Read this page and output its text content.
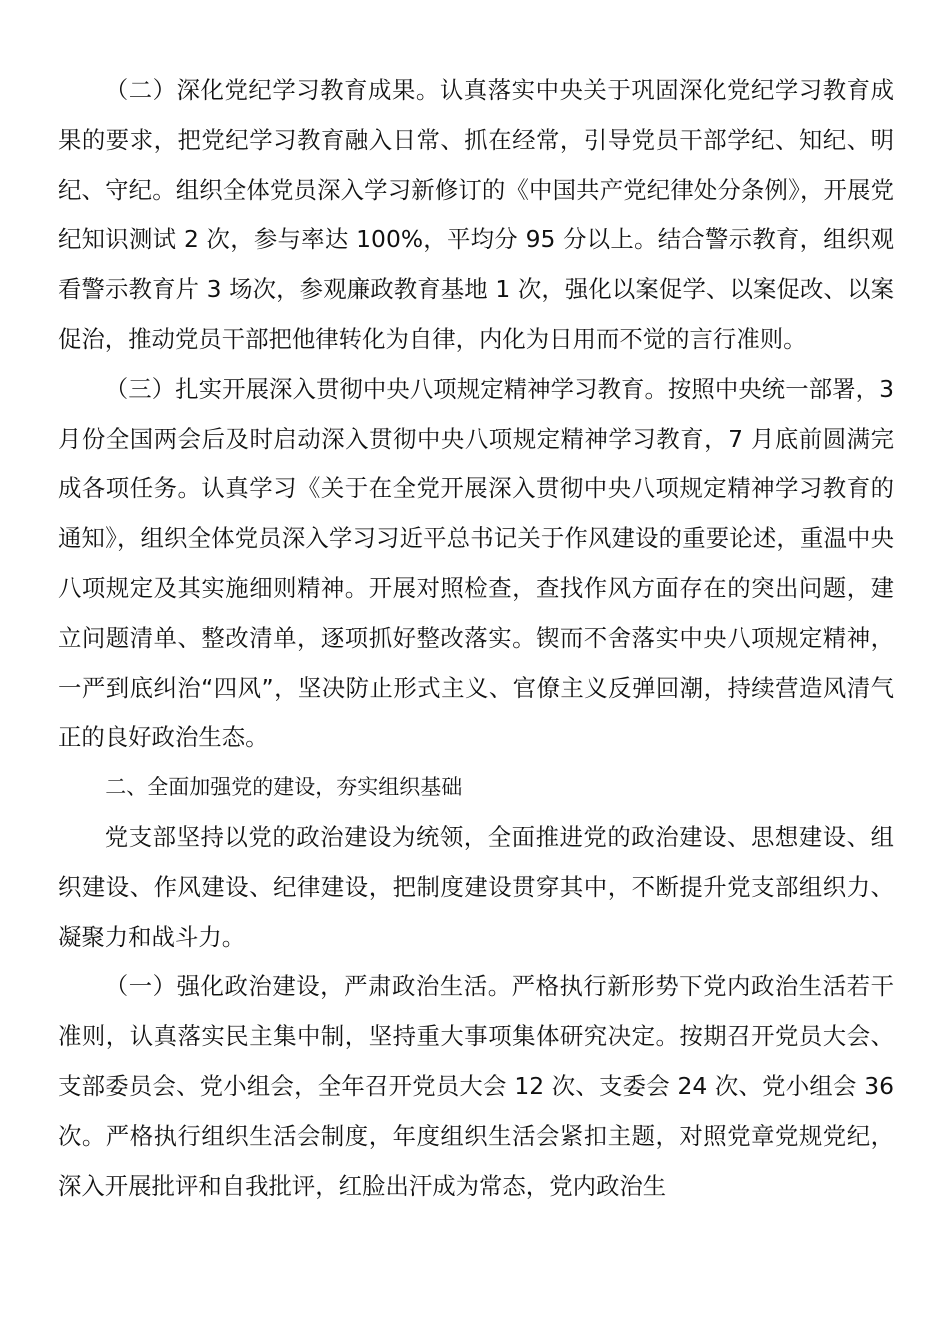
（二）深化党纪学习教育成果。认真落实中央关于巩固深化党纪学习教育成果的要求，把党纪学习教育融入日常、抓在经常，引导党员干部学纪、知纪、明纪、守纪。组织全体党员深入学习新修订的《中国共产党纪律处分条例》，开展党纪知识测试 2 次，参与率达 100%，平均分 95 分以上。结合警示教育，组织观看警示教育片 3 场次，参观廉政教育基地 1 次，强化以案促学、以案促改、以案促治，推动党员干部把他律转化为自律，内化为日用而不觉的言行准则。

（三）扎实开展深入贯彻中央八项规定精神学习教育。按照中央统一部署，3 月份全国两会后及时启动深入贯彻中央八项规定精神学习教育，7 月底前圆满完成各项任务。认真学习《关于在全党开展深入贯彻中央八项规定精神学习教育的通知》，组织全体党员深入学习习近平总书记关于作风建设的重要论述，重温中央八项规定及其实施细则精神。开展对照检查，查找作风方面存在的突出问题，建立问题清单、整改清单，逐项抓好整改落实。锲而不舍落实中央八项规定精神，一严到底纠治“四风”，坚决防止形式主义、官僚主义反弹回潮，持续营造风清气正的良好政治生态。

二、全面加强党的建设，夯实组织基础

党支部坚持以党的政治建设为统领，全面推进党的政治建设、思想建设、组织建设、作风建设、纪律建设，把制度建设贯穿其中，不断提升党支部组织力、凝聚力和战斗力。

（一）强化政治建设，严肃政治生活。严格执行新形势下党内政治生活若干准则，认真落实民主集中制，坚持重大事项集体研究决定。按期召开党员大会、支部委员会、党小组会，全年召开党员大会 12 次、支委会 24 次、党小组会 36 次。严格执行组织生活会制度，年度组织生活会紧扣主题，对照党章党规党纪，深入开展批评和自我批评，红脸出汗成为常态，党内政治生
